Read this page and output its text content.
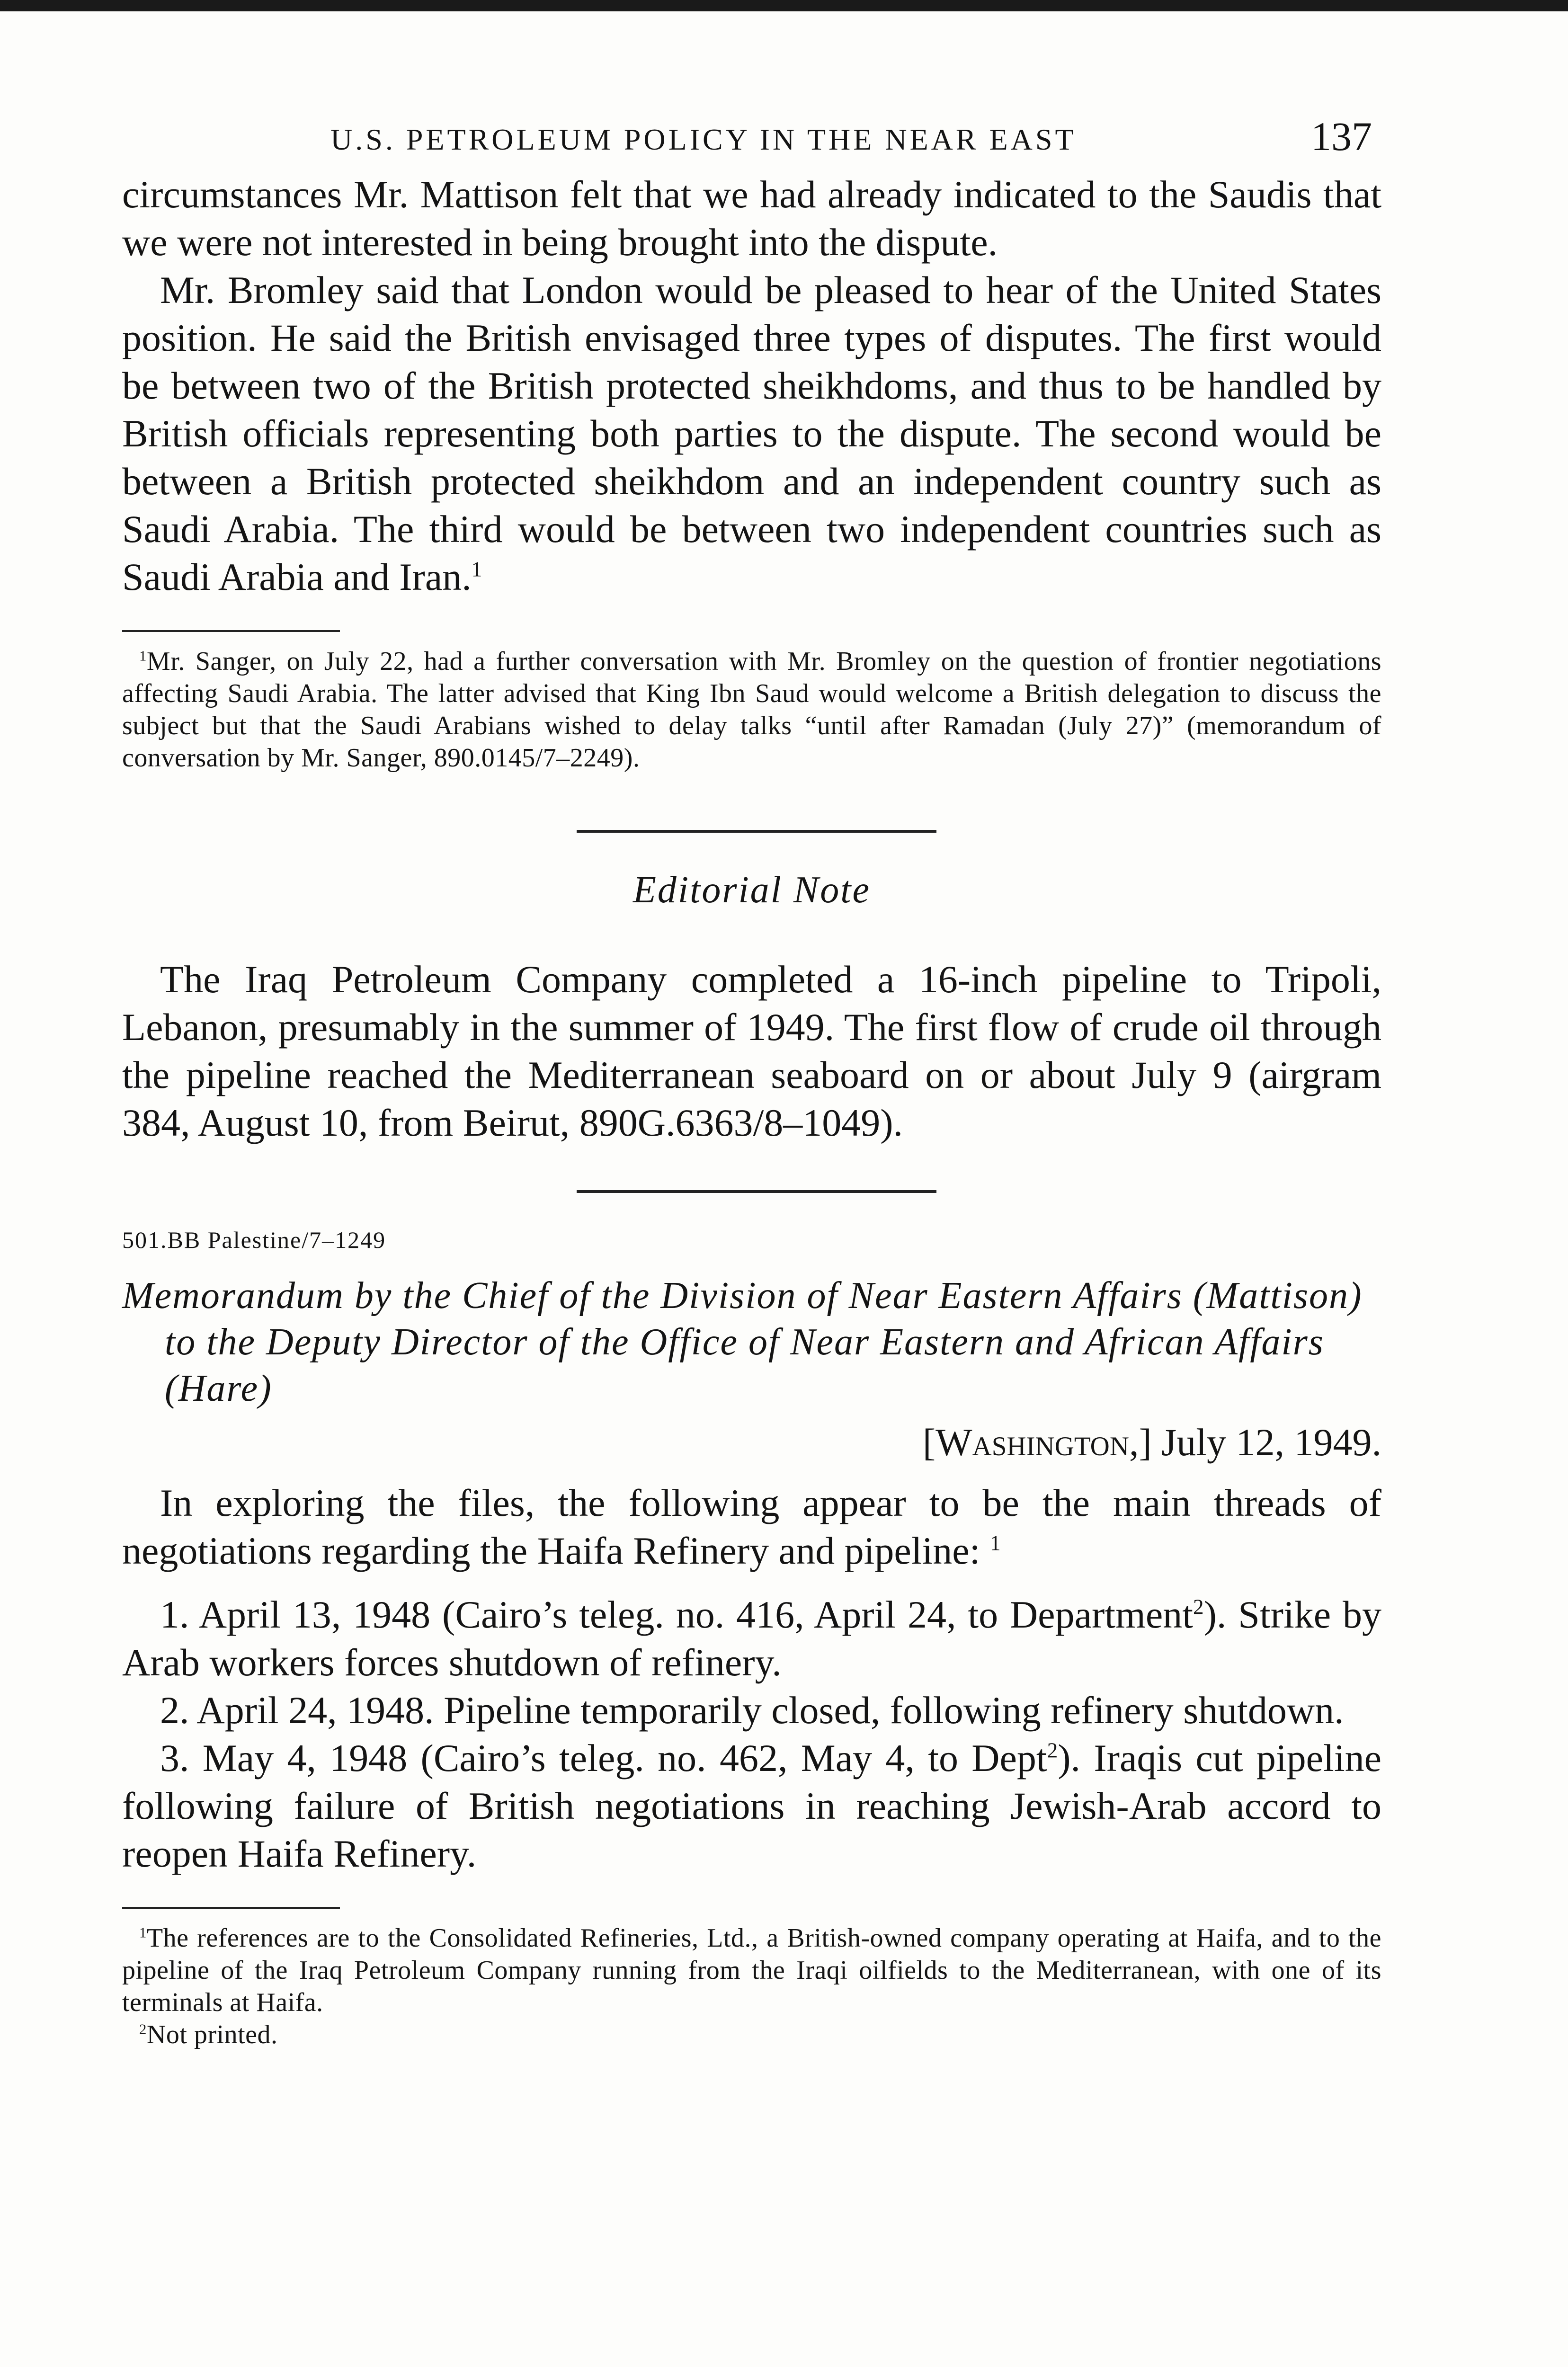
U.S. PETROLEUM POLICY IN THE NEAR EAST	137

circumstances Mr. Mattison felt that we had already indicated to the Saudis that we were not interested in being brought into the dispute.

Mr. Bromley said that London would be pleased to hear of the United States position. He said the British envisaged three types of disputes. The first would be between two of the British protected sheikhdoms, and thus to be handled by British officials representing both parties to the dispute. The second would be between a British protected sheikhdom and an independent country such as Saudi Arabia. The third would be between two independent countries such as Saudi Arabia and Iran.$^1$

$^1$Mr. Sanger, on July 22, had a further conversation with Mr. Bromley on the question of frontier negotiations affecting Saudi Arabia. The latter advised that King Ibn Saud would welcome a British delegation to discuss the subject but that the Saudi Arabians wished to delay talks “until after Ramadan (July 27)” (memorandum of conversation by Mr. Sanger, 890.0145/7–2249).

Editorial Note

The Iraq Petroleum Company completed a 16-inch pipeline to Tripoli, Lebanon, presumably in the summer of 1949. The first flow of crude oil through the pipeline reached the Mediterranean seaboard on or about July 9 (airgram 384, August 10, from Beirut, 890G.6363/8–1049).

501.BB Palestine/7–1249

Memorandum by the Chief of the Division of Near Eastern Affairs (Mattison) to the Deputy Director of the Office of Near Eastern and African Affairs (Hare)

[Washington,] July 12, 1949.

In exploring the files, the following appear to be the main threads of negotiations regarding the Haifa Refinery and pipeline: $^1$

1. April 13, 1948 (Cairo’s teleg. no. 416, April 24, to Department$^2$). Strike by Arab workers forces shutdown of refinery.

2. April 24, 1948. Pipeline temporarily closed, following refinery shutdown.

3. May 4, 1948 (Cairo’s teleg. no. 462, May 4, to Dept$^2$). Iraqis cut pipeline following failure of British negotiations in reaching Jewish-Arab accord to reopen Haifa Refinery.

$^1$The references are to the Consolidated Refineries, Ltd., a British-owned company operating at Haifa, and to the pipeline of the Iraq Petroleum Company running from the Iraqi oilfields to the Mediterranean, with one of its terminals at Haifa.

$^2$Not printed.
